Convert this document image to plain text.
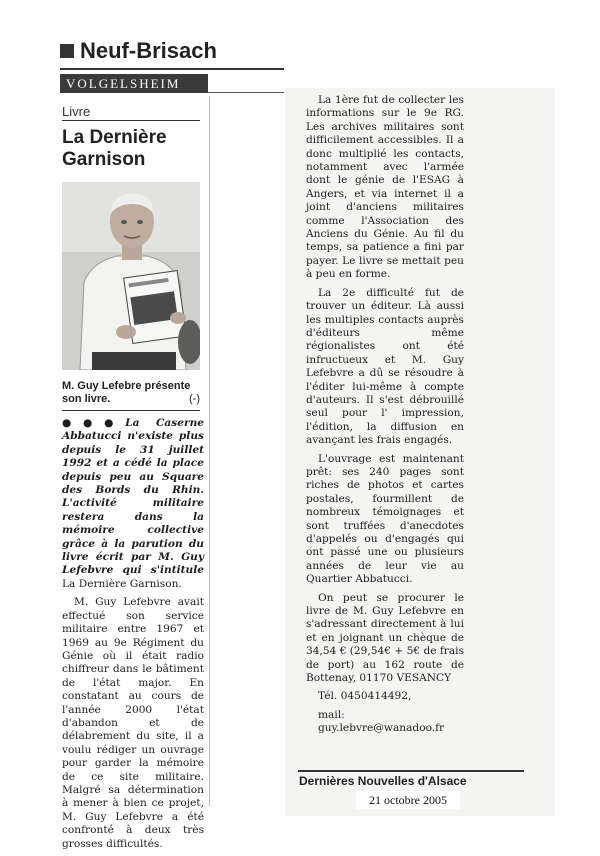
Neuf-Brisach
VOLGELSHEIM
Livre
La Dernière
Garnison
M. Guy Lefebre présente son livre.	(-)

●●●La Caserne Abbatucci n'existe plus depuis le 31 juillet 1992 et a cédé la place depuis peu au Square des Bords du Rhin. L'activité militaire restera dans la mémoire collective grâce à la parution du livre écrit par M. Guy Lefebvre qui s'intitule La Dernière Garnison.

M. Guy Lefebvre avait effectué son service militaire entre 1967 et 1969 au 9e Régiment du Génie où il était radio chiffreur dans le bâtiment de l'état major. En constatant au cours de l'année 2000 l'état d'abandon et de délabrement du site, il a voulu rédiger un ouvrage pour garder la mémoire de ce site militaire. Malgré sa détermination à mener à bien ce projet, M. Guy Lefebvre a été confronté à deux très grosses difficultés.

La 1ère fut de collecter les informations sur le 9e RG. Les archives militaires sont difficilement accessibles. Il a donc multiplié les contacts, notamment avec l'armée dont le génie de l'ESAG à Angers, et via internet il a joint d'anciens militaires comme l'Association des Anciens du Génie. Au fil du temps, sa patience a fini par payer. Le livre se mettait peu à peu en forme.

La 2e difficulté fut de trouver un éditeur. Là aussi les multiples contacts auprès d'éditeurs même régionalistes ont été infructueux et M. Guy Lefebvre a dû se résoudre à l'éditer lui-même à compte d'auteurs. Il s'est débrouillé seul pour l' impression, l'édition, la diffusion en avançant les frais engagés.

L'ouvrage est maintenant prêt: ses 240 pages sont riches de photos et cartes postales, fourmillent de nombreux témoignages et sont truffées d'anecdotes d'appelés ou d'engagés qui ont passé une ou plusieurs années de leur vie au Quartier Abbatucci.

On peut se procurer le livre de M. Guy Lefebvre en s'adressant directement à lui et en joignant un chèque de 34,54 € (29,54€ + 5€ de frais de port) au 162 route de Bottenay, 01170 VESANCY

Tél. 0450414492,

mail: guy.lebvre@wanadoo.fr

Dernières Nouvelles d'Alsace
21 octobre 2005
